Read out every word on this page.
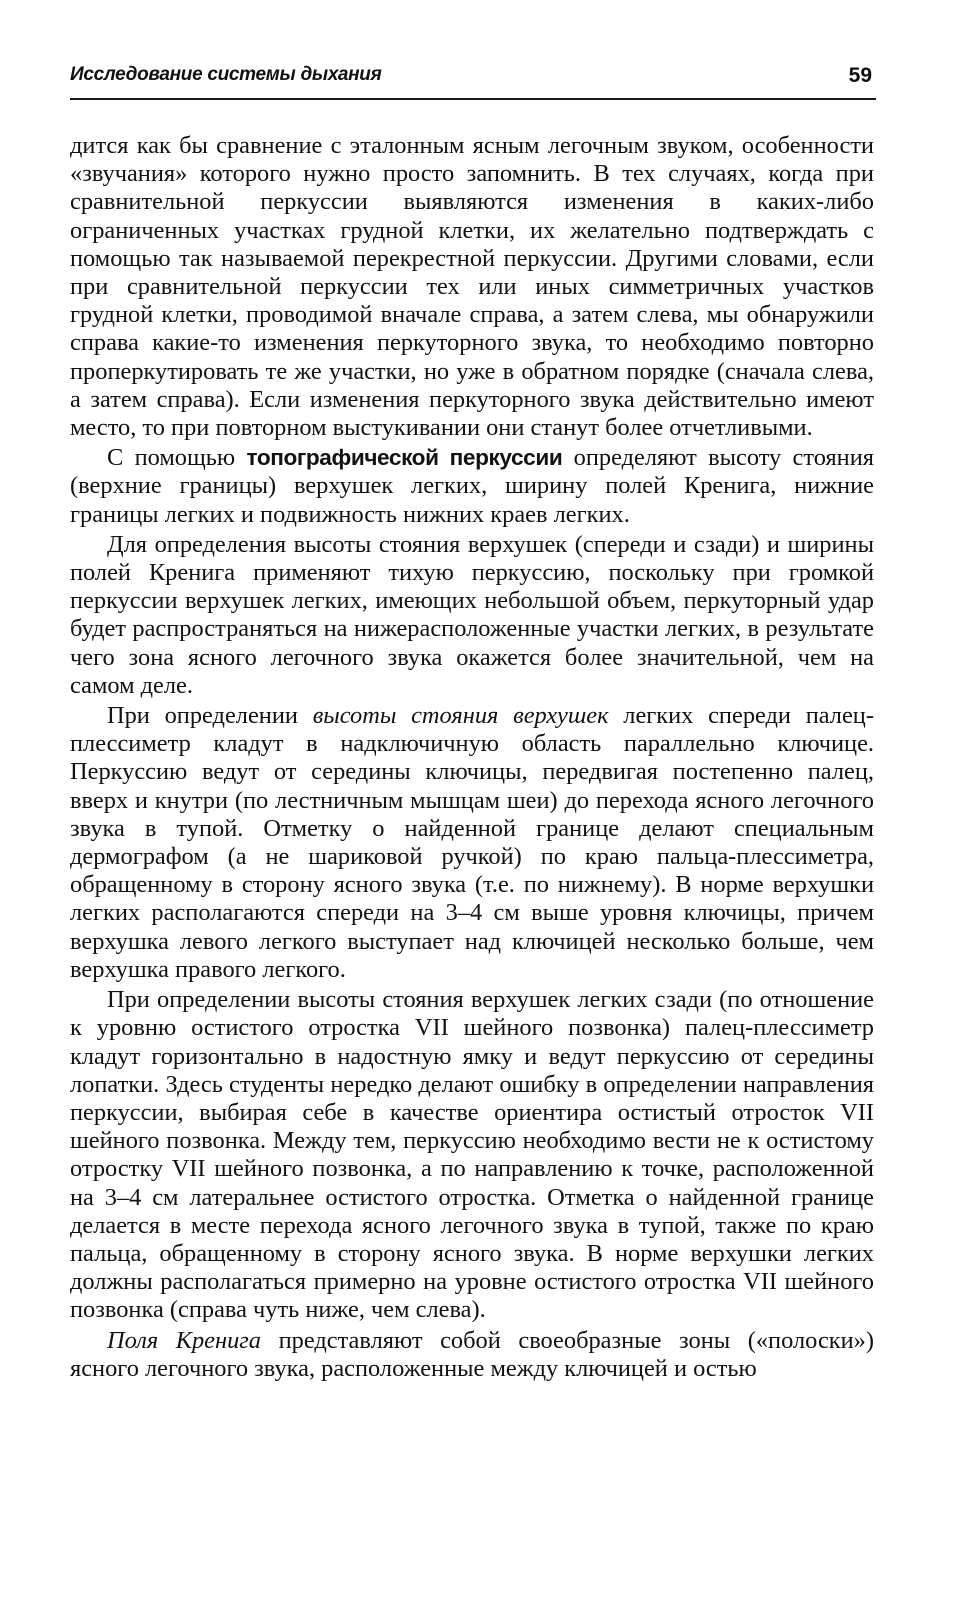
Исследование системы дыхания	59

дится как бы сравнение с эталонным ясным легочным звуком, особенности «звучания» которого нужно просто запомнить. В тех случаях, когда при сравнительной перкуссии выявляются изменения в каких-либо ограниченных участках грудной клетки, их желательно подтверждать с помощью так называемой перекрестной перкуссии. Другими словами, если при сравнительной перкуссии тех или иных симметричных участков грудной клетки, проводимой вначале справа, а затем слева, мы обнаружили справа какие-то изменения перкуторного звука, то необходимо повторно проперкутировать те же участки, но уже в обратном порядке (сначала слева, а затем справа). Если изменения перкуторного звука действительно имеют место, то при повторном выстукивании они станут более отчетливыми.

С помощью топографической перкуссии определяют высоту стояния (верхние границы) верхушек легких, ширину полей Кренига, нижние границы легких и подвижность нижних краев легких.

Для определения высоты стояния верхушек (спереди и сзади) и ширины полей Кренига применяют тихую перкуссию, поскольку при громкой перкуссии верхушек легких, имеющих небольшой объем, перкуторный удар будет распространяться на нижерасположенные участки легких, в результате чего зона ясного легочного звука окажется более значительной, чем на самом деле.

При определении высоты стояния верхушек легких спереди палец-плессиметр кладут в надключичную область параллельно ключице. Перкуссию ведут от середины ключицы, передвигая постепенно палец, вверх и кнутри (по лестничным мышцам шеи) до перехода ясного легочного звука в тупой. Отметку о найденной границе делают специальным дермографом (а не шариковой ручкой) по краю пальца-плессиметра, обращенному в сторону ясного звука (т.е. по нижнему). В норме верхушки легких располагаются спереди на 3–4 см выше уровня ключицы, причем верхушка левого легкого выступает над ключицей несколько больше, чем верхушка правого легкого.

При определении высоты стояния верхушек легких сзади (по отношение к уровню остистого отростка VII шейного позвонка) палец-плессиметр кладут горизонтально в надостную ямку и ведут перкуссию от середины лопатки. Здесь студенты нередко делают ошибку в определении направления перкуссии, выбирая себе в качестве ориентира остистый отросток VII шейного позвонка. Между тем, перкуссию необходимо вести не к остистому отростку VII шейного позвонка, а по направлению к точке, расположенной на 3–4 см латеральнее остистого отростка. Отметка о найденной границе делается в месте перехода ясного легочного звука в тупой, также по краю пальца, обращенному в сторону ясного звука. В норме верхушки легких должны располагаться примерно на уровне остистого отростка VII шейного позвонка (справа чуть ниже, чем слева).

Поля Кренига представляют собой своеобразные зоны («полоски») ясного легочного звука, расположенные между ключицей и остью
